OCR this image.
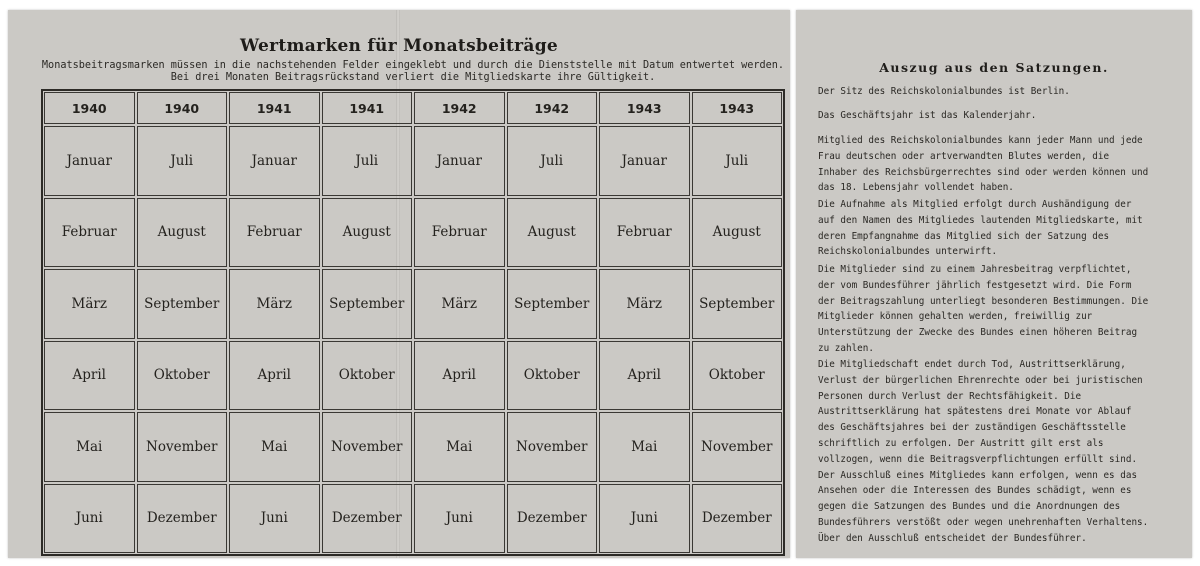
Wertmarken für Monatsbeiträge
Monatsbeitragsmarken müssen in die nachstehenden Felder eingeklebt und durch die Dienststelle mit Datum entwertet werden.
Bei drei Monaten Beitragsrückstand verliert die Mitgliedskarte ihre Gültigkeit.
1940	1940	1941	1941	1942	1942	1943	1943
Januar	Juli	Januar	Juli	Januar	Juli	Januar	Juli
Februar	August	Februar	August	Februar	August	Februar	August
März	September	März	September	März	September	März	September
April	Oktober	April	Oktober	April	Oktober	April	Oktober
Mai	November	Mai	November	Mai	November	Mai	November
Juni	Dezember	Juni	Dezember	Juni	Dezember	Juni	Dezember
Auszug aus den Satzungen.

Der Sitz des Reichskolonialbundes ist Berlin.

Das Geschäftsjahr ist das Kalenderjahr.

Mitglied des Reichskolonialbundes kann jeder Mann und jede Frau deutschen oder artverwandten Blutes werden, die Inhaber des Reichsbürgerrechtes sind oder werden können und das 18. Lebensjahr vollendet haben.

Die Aufnahme als Mitglied erfolgt durch Aushändigung der auf den Namen des Mitgliedes lautenden Mitgliedskarte, mit deren Empfangnahme das Mitglied sich der Satzung des Reichskolonialbundes unterwirft.

Die Mitglieder sind zu einem Jahresbeitrag verpflichtet, der vom Bundesführer jährlich festgesetzt wird. Die Form der Beitragszahlung unterliegt besonderen Bestimmungen. Die Mitglieder können gehalten werden, freiwillig zur Unterstützung der Zwecke des Bundes einen höheren Beitrag zu zahlen.

Die Mitgliedschaft endet durch Tod, Austrittserklärung, Verlust der bürgerlichen Ehrenrechte oder bei juristischen Personen durch Verlust der Rechtsfähigkeit. Die Austrittserklärung hat spätestens drei Monate vor Ablauf des Geschäftsjahres bei der zuständigen Geschäftsstelle schriftlich zu erfolgen. Der Austritt gilt erst als vollzogen, wenn die Beitragsverpflichtungen erfüllt sind. Der Ausschluß eines Mitgliedes kann erfolgen, wenn es das Ansehen oder die Interessen des Bundes schädigt, wenn es gegen die Satzungen des Bundes und die Anordnungen des Bundesführers verstößt oder wegen unehrenhaften Verhaltens. Über den Ausschluß entscheidet der Bundesführer.
